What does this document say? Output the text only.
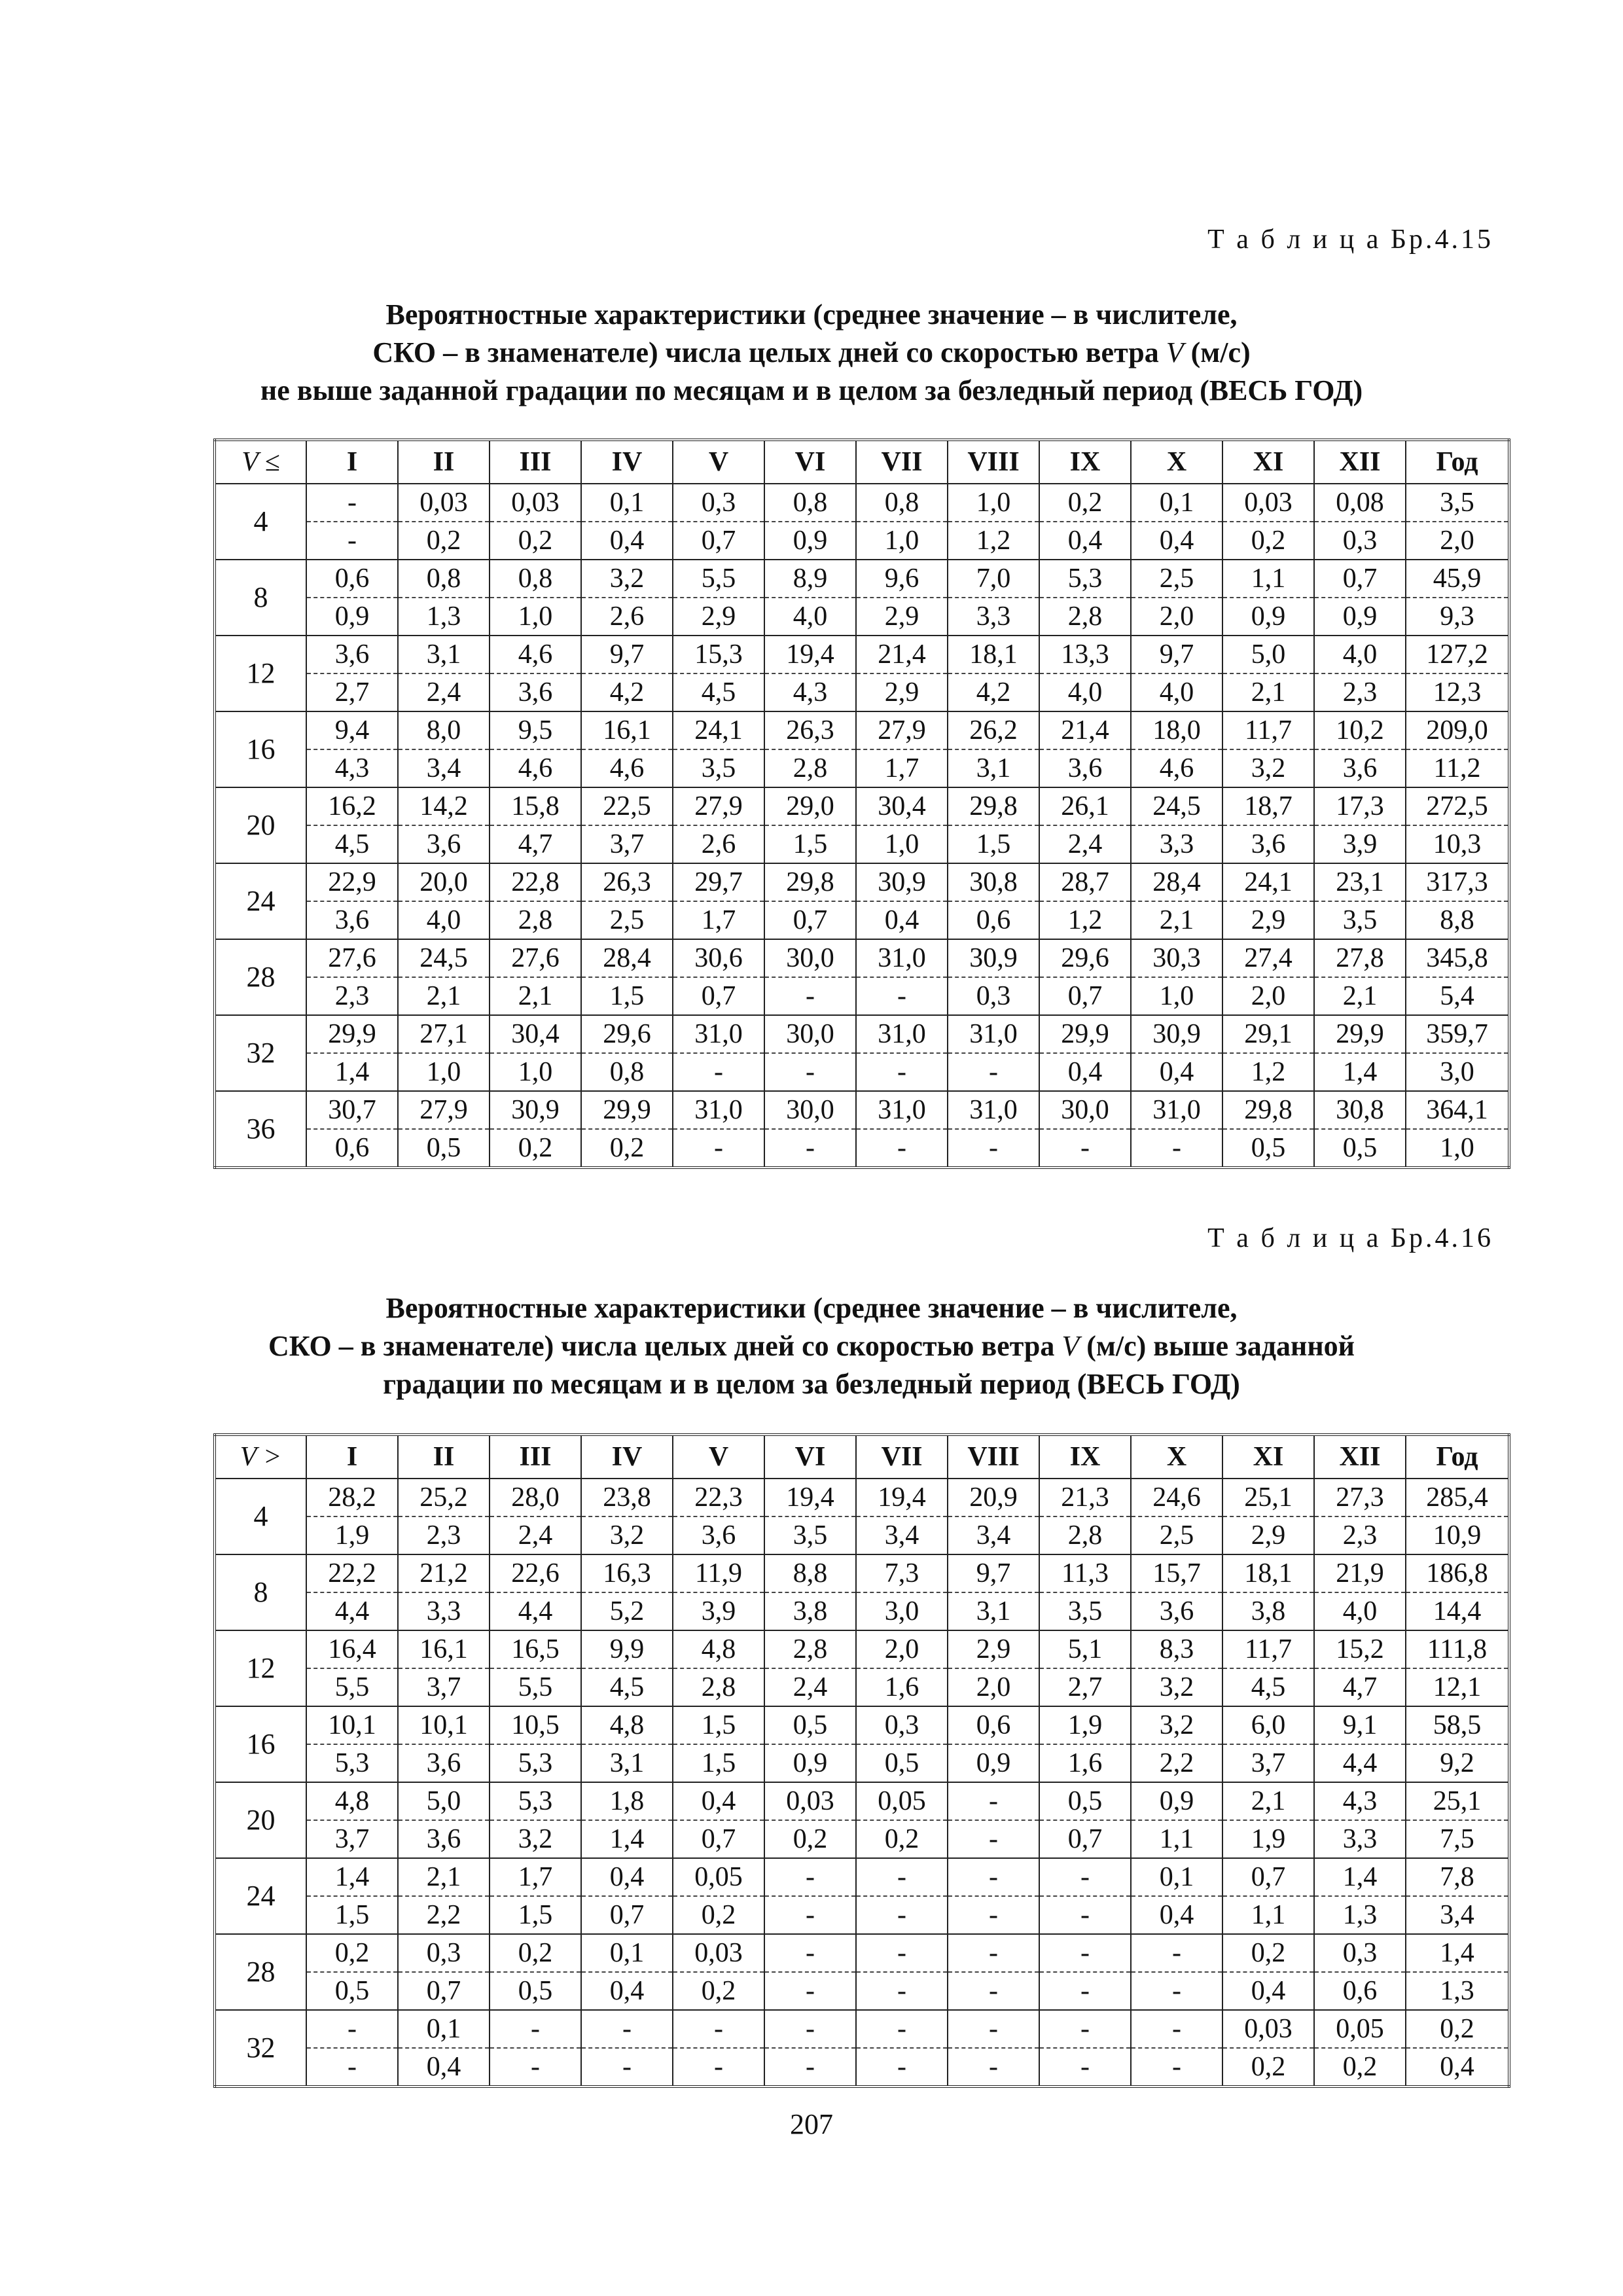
Т а б л и ц а Бр.4.15
Вероятностные характеристики (среднее значение – в числителе,
СКО – в знаменателе) числа целых дней со скоростью ветра V (м/с)
не выше заданной градации по месяцам и в целом за безледный период (ВЕСЬ ГОД)
V ≤	I	II	III	IV	V	VI	VII	VIII	IX	X	XI	XII	Год
4	-	0,03	0,03	0,1	0,3	0,8	0,8	1,0	0,2	0,1	0,03	0,08	3,5
	-	0,2	0,2	0,4	0,7	0,9	1,0	1,2	0,4	0,4	0,2	0,3	2,0
8	0,6	0,8	0,8	3,2	5,5	8,9	9,6	7,0	5,3	2,5	1,1	0,7	45,9
	0,9	1,3	1,0	2,6	2,9	4,0	2,9	3,3	2,8	2,0	0,9	0,9	9,3
12	3,6	3,1	4,6	9,7	15,3	19,4	21,4	18,1	13,3	9,7	5,0	4,0	127,2
	2,7	2,4	3,6	4,2	4,5	4,3	2,9	4,2	4,0	4,0	2,1	2,3	12,3
16	9,4	8,0	9,5	16,1	24,1	26,3	27,9	26,2	21,4	18,0	11,7	10,2	209,0
	4,3	3,4	4,6	4,6	3,5	2,8	1,7	3,1	3,6	4,6	3,2	3,6	11,2
20	16,2	14,2	15,8	22,5	27,9	29,0	30,4	29,8	26,1	24,5	18,7	17,3	272,5
	4,5	3,6	4,7	3,7	2,6	1,5	1,0	1,5	2,4	3,3	3,6	3,9	10,3
24	22,9	20,0	22,8	26,3	29,7	29,8	30,9	30,8	28,7	28,4	24,1	23,1	317,3
	3,6	4,0	2,8	2,5	1,7	0,7	0,4	0,6	1,2	2,1	2,9	3,5	8,8
28	27,6	24,5	27,6	28,4	30,6	30,0	31,0	30,9	29,6	30,3	27,4	27,8	345,8
	2,3	2,1	2,1	1,5	0,7	-	-	0,3	0,7	1,0	2,0	2,1	5,4
32	29,9	27,1	30,4	29,6	31,0	30,0	31,0	31,0	29,9	30,9	29,1	29,9	359,7
	1,4	1,0	1,0	0,8	-	-	-	-	0,4	0,4	1,2	1,4	3,0
36	30,7	27,9	30,9	29,9	31,0	30,0	31,0	31,0	30,0	31,0	29,8	30,8	364,1
	0,6	0,5	0,2	0,2	-	-	-	-	-	-	0,5	0,5	1,0
Т а б л и ц а Бр.4.16
Вероятностные характеристики (среднее значение – в числителе,
СКО – в знаменателе) числа целых дней со скоростью ветра V (м/с) выше заданной
градации по месяцам и в целом за безледный период (ВЕСЬ ГОД)
V >	I	II	III	IV	V	VI	VII	VIII	IX	X	XI	XII	Год
4	28,2	25,2	28,0	23,8	22,3	19,4	19,4	20,9	21,3	24,6	25,1	27,3	285,4
	1,9	2,3	2,4	3,2	3,6	3,5	3,4	3,4	2,8	2,5	2,9	2,3	10,9
8	22,2	21,2	22,6	16,3	11,9	8,8	7,3	9,7	11,3	15,7	18,1	21,9	186,8
	4,4	3,3	4,4	5,2	3,9	3,8	3,0	3,1	3,5	3,6	3,8	4,0	14,4
12	16,4	16,1	16,5	9,9	4,8	2,8	2,0	2,9	5,1	8,3	11,7	15,2	111,8
	5,5	3,7	5,5	4,5	2,8	2,4	1,6	2,0	2,7	3,2	4,5	4,7	12,1
16	10,1	10,1	10,5	4,8	1,5	0,5	0,3	0,6	1,9	3,2	6,0	9,1	58,5
	5,3	3,6	5,3	3,1	1,5	0,9	0,5	0,9	1,6	2,2	3,7	4,4	9,2
20	4,8	5,0	5,3	1,8	0,4	0,03	0,05	-	0,5	0,9	2,1	4,3	25,1
	3,7	3,6	3,2	1,4	0,7	0,2	0,2	-	0,7	1,1	1,9	3,3	7,5
24	1,4	2,1	1,7	0,4	0,05	-	-	-	-	0,1	0,7	1,4	7,8
	1,5	2,2	1,5	0,7	0,2	-	-	-	-	0,4	1,1	1,3	3,4
28	0,2	0,3	0,2	0,1	0,03	-	-	-	-	-	0,2	0,3	1,4
	0,5	0,7	0,5	0,4	0,2	-	-	-	-	-	0,4	0,6	1,3
32	-	0,1	-	-	-	-	-	-	-	-	0,03	0,05	0,2
	-	0,4	-	-	-	-	-	-	-	-	0,2	0,2	0,4
207
